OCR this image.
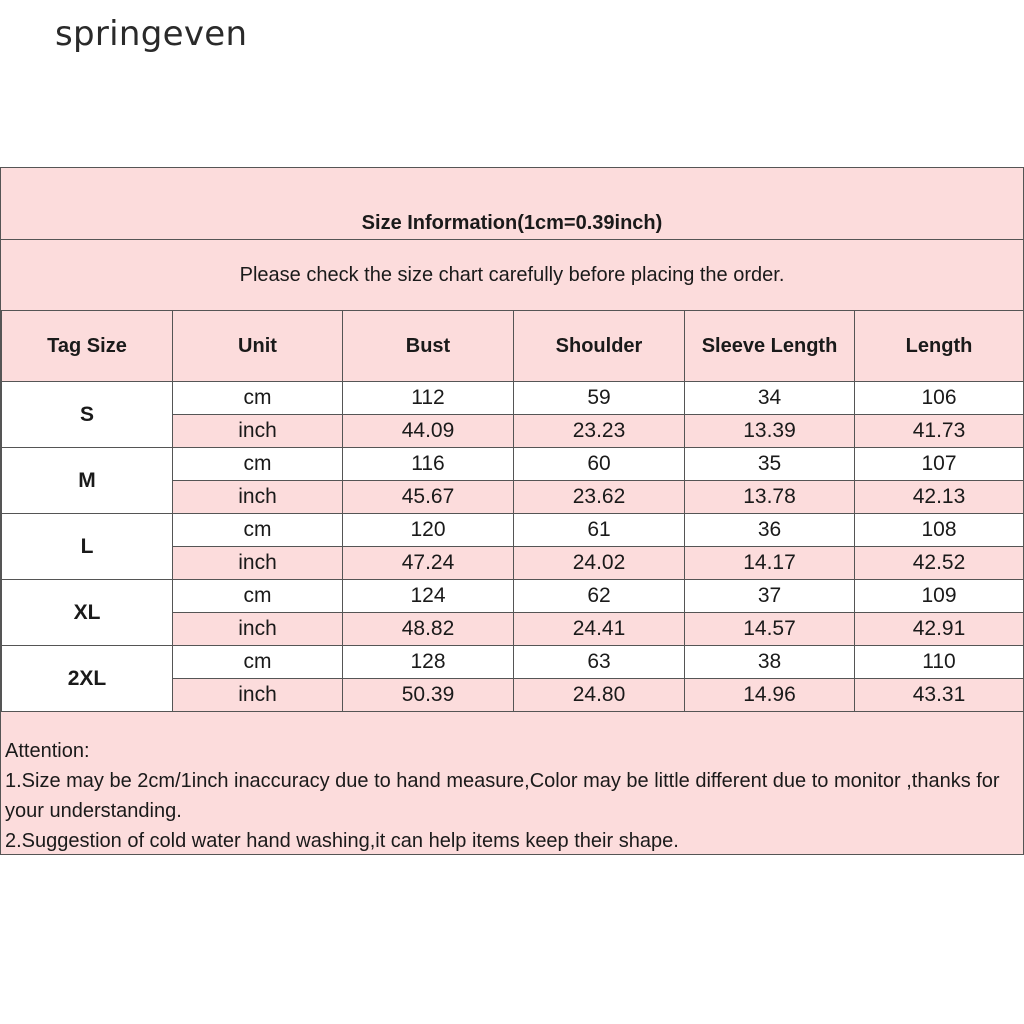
springeven
Size Information(1cm=0.39inch)
Please check the size chart carefully before placing the order.
Tag Size	Unit	Bust	Shoulder	Sleeve Length	Length
S	cm	112	59	34	106
	inch	44.09	23.23	13.39	41.73
M	cm	116	60	35	107
	inch	45.67	23.62	13.78	42.13
L	cm	120	61	36	108
	inch	47.24	24.02	14.17	42.52
XL	cm	124	62	37	109
	inch	48.82	24.41	14.57	42.91
2XL	cm	128	63	38	110
	inch	50.39	24.80	14.96	43.31
Attention:
1.Size may be 2cm/1inch inaccuracy due to hand measure,Color may be little different due to monitor ,thanks for your understanding.
2.Suggestion of cold water hand washing,it can help items keep their shape.
